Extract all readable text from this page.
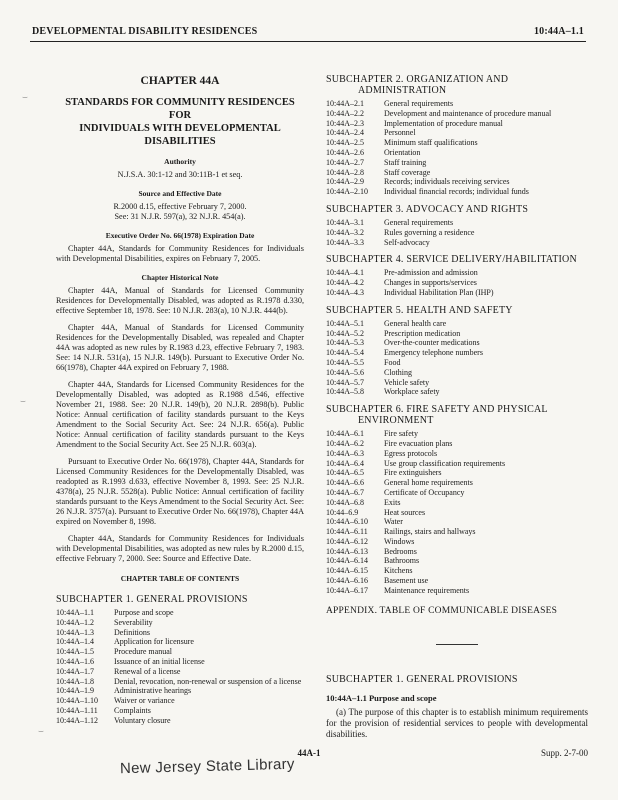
DEVELOPMENTAL DISABILITY RESIDENCES	10:44A–1.1
CHAPTER 44A
STANDARDS FOR COMMUNITY RESIDENCES FOR
INDIVIDUALS WITH DEVELOPMENTAL
DISABILITIES
Authority
N.J.S.A. 30:1-12 and 30:11B-1 et seq.
Source and Effective Date
R.2000 d.15, effective February 7, 2000.
See: 31 N.J.R. 597(a), 32 N.J.R. 454(a).
Executive Order No. 66(1978) Expiration Date

Chapter 44A, Standards for Community Residences for Individuals with Developmental Disabilities, expires on February 7, 2005.

Chapter Historical Note

Chapter 44A, Manual of Standards for Licensed Community Residences for Developmentally Disabled, was adopted as R.1978 d.330, effective September 18, 1978. See: 10 N.J.R. 283(a), 10 N.J.R. 444(b).

Chapter 44A, Manual of Standards for Licensed Community Residences for the Developmentally Disabled, was repealed and Chapter 44A was adopted as new rules by R.1983 d.23, effective February 7, 1983. See: 14 N.J.R. 531(a), 15 N.J.R. 149(b). Pursuant to Executive Order No. 66(1978), Chapter 44A expired on February 7, 1988.

Chapter 44A, Standards for Licensed Community Residences for the Developmentally Disabled, was adopted as R.1988 d.546, effective November 21, 1988. See: 20 N.J.R. 149(b), 20 N.J.R. 2898(b). Public Notice: Annual certification of facility standards pursuant to the Keys Amendment to the Social Security Act. See: 24 N.J.R. 656(a). Public Notice: Annual certification of facility standards pursuant to the Keys Amendment to the Social Security Act. See 25 N.J.R. 603(a).

Pursuant to Executive Order No. 66(1978), Chapter 44A, Standards for Licensed Community Residences for the Developmentally Disabled, was readopted as R.1993 d.633, effective November 8, 1993. See: 25 N.J.R. 4378(a), 25 N.J.R. 5528(a). Public Notice: Annual certification of facility standards pursuant to the Keys Amendment to the Social Security Act. See: 26 N.J.R. 3757(a). Pursuant to Executive Order No. 66(1978), Chapter 44A expired on November 8, 1998.

Chapter 44A, Standards for Community Residences for Individuals with Developmental Disabilities, was adopted as new rules by R.2000 d.15, effective February 7, 2000. See: Source and Effective Date.

CHAPTER TABLE OF CONTENTS
SUBCHAPTER 1. GENERAL PROVISIONS
10:44A–1.1	Purpose and scope
10:44A–1.2	Severability
10:44A–1.3	Definitions
10:44A–1.4	Application for licensure
10:44A–1.5	Procedure manual
10:44A–1.6	Issuance of an initial license
10:44A–1.7	Renewal of a license
10:44A–1.8	Denial, revocation, non-renewal or suspension of a license
10:44A–1.9	Administrative hearings
10:44A–1.10	Waiver or variance
10:44A–1.11	Complaints
10:44A–1.12	Voluntary closure
SUBCHAPTER 2. ORGANIZATION AND
ADMINISTRATION
10:44A–2.1	General requirements
10:44A–2.2	Development and maintenance of procedure manual
10:44A–2.3	Implementation of procedure manual
10:44A–2.4	Personnel
10:44A–2.5	Minimum staff qualifications
10:44A–2.6	Orientation
10:44A–2.7	Staff training
10:44A–2.8	Staff coverage
10:44A–2.9	Records; individuals receiving services
10:44A–2.10	Individual financial records; individual funds
SUBCHAPTER 3. ADVOCACY AND RIGHTS
10:44A–3.1	General requirements
10:44A–3.2	Rules governing a residence
10:44A–3.3	Self-advocacy
SUBCHAPTER 4. SERVICE DELIVERY/HABILITATION
10:44A–4.1	Pre-admission and admission
10:44A–4.2	Changes in supports/services
10:44A–4.3	Individual Habilitation Plan (IHP)
SUBCHAPTER 5. HEALTH AND SAFETY
10:44A–5.1	General health care
10:44A–5.2	Prescription medication
10:44A–5.3	Over-the-counter medications
10:44A–5.4	Emergency telephone numbers
10:44A–5.5	Food
10:44A–5.6	Clothing
10:44A–5.7	Vehicle safety
10:44A–5.8	Workplace safety
SUBCHAPTER 6. FIRE SAFETY AND PHYSICAL
ENVIRONMENT
10:44A–6.1	Fire safety
10:44A–6.2	Fire evacuation plans
10:44A–6.3	Egress protocols
10:44A–6.4	Use group classification requirements
10:44A–6.5	Fire extinguishers
10:44A–6.6	General home requirements
10:44A–6.7	Certificate of Occupancy
10:44A–6.8	Exits
10:44–6.9	Heat sources
10:44A–6.10	Water
10:44A–6.11	Railings, stairs and hallways
10:44A–6.12	Windows
10:44A–6.13	Bedrooms
10:44A–6.14	Bathrooms
10:44A–6.15	Kitchens
10:44A–6.16	Basement use
10:44A–6.17	Maintenance requirements
APPENDIX. TABLE OF COMMUNICABLE DISEASES
SUBCHAPTER 1. GENERAL PROVISIONS
10:44A–1.1 Purpose and scope

(a) The purpose of this chapter is to establish minimum requirements for the provision of residential services to people with developmental disabilities.

44A-1	Supp. 2-7-00
New Jersey State Library
⌣
⌣
⌣
